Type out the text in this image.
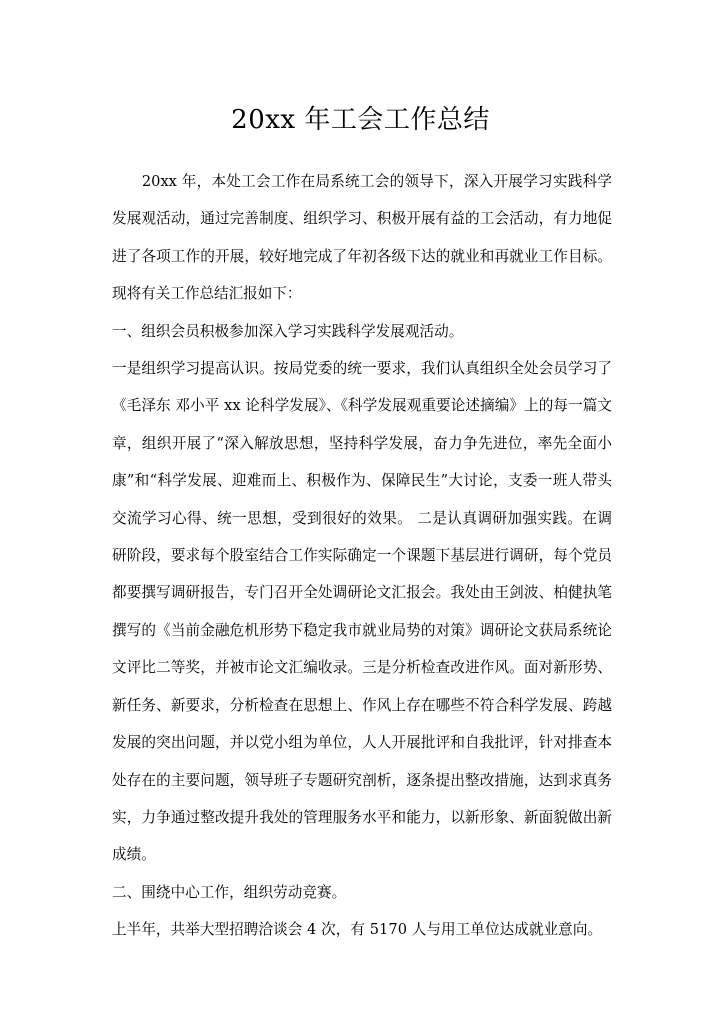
20xx 年工会工作总结

20xx 年，本处工会工作在局系统工会的领导下，深入开展学习实践科学发展观活动，通过完善制度、组织学习、积极开展有益的工会活动，有力地促进了各项工作的开展，较好地完成了年初各级下达的就业和再就业工作目标。现将有关工作总结汇报如下：

一、组织会员积极参加深入学习实践科学发展观活动。

一是组织学习提高认识。按局党委的统一要求，我们认真组织全处会员学习了《毛泽东 邓小平 xx 论科学发展》、《科学发展观重要论述摘编》上的每一篇文章，组织开展了“深入解放思想，坚持科学发展，奋力争先进位，率先全面小康”和“科学发展、迎难而上、积极作为、保障民生”大讨论，支委一班人带头交流学习心得、统一思想，受到很好的效果。 二是认真调研加强实践。在调研阶段，要求每个股室结合工作实际确定一个课题下基层进行调研，每个党员都要撰写调研报告，专门召开全处调研论文汇报会。我处由王剑波、柏健执笔撰写的《当前金融危机形势下稳定我市就业局势的对策》调研论文获局系统论文评比二等奖，并被市论文汇编收录。三是分析检查改进作风。面对新形势、新任务、新要求，分析检查在思想上、作风上存在哪些不符合科学发展、跨越发展的突出问题，并以党小组为单位，人人开展批评和自我批评，针对排查本处存在的主要问题，领导班子专题研究剖析，逐条提出整改措施，达到求真务实，力争通过整改提升我处的管理服务水平和能力，以新形象、新面貌做出新成绩。

二、围绕中心工作，组织劳动竞赛。

上半年，共举大型招聘洽谈会 4 次，有 5170 人与用工单位达成就业意向。
